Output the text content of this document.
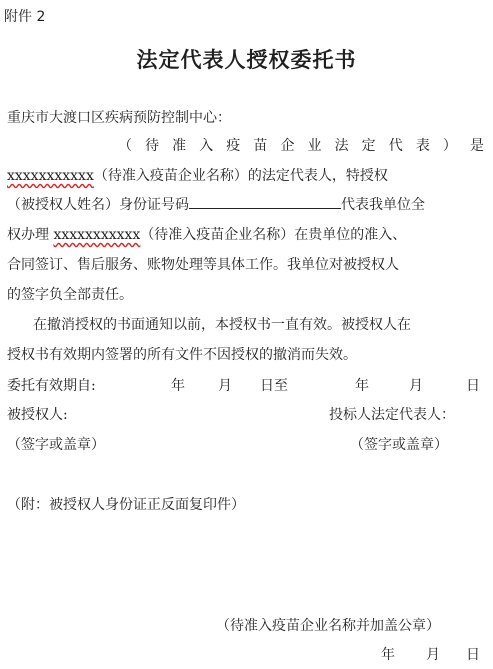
附件 2
法定代表人授权委托书
重庆市大渡口区疾病预防控制中心：
（ 待 准 入 疫 苗 企 业 法 定 代 表 ） 是
xxxxxxxxxxx（待准入疫苗企业名称）的法定代表人，特授权
（被授权人姓名）身份证号码	代表我单位全
权办理 xxxxxxxxxxx（待准入疫苗企业名称）在贵单位的准入、
合同签订、售后服务、账物处理等具体工作。我单位对被授权人
的签字负全部责任。
在撤消授权的书面通知以前，本授权书一直有效。被授权人在
授权书有效期内签署的所有文件不因授权的撤消而失效。
委托有效期自:	年 月 日至	年	月	日
被授权人:	投标人法定代表人：
（签字或盖章）	（签字或盖章）
（附：被授权人身份证正反面复印件）
（待准入疫苗企业名称并加盖公章）
年 月 日
